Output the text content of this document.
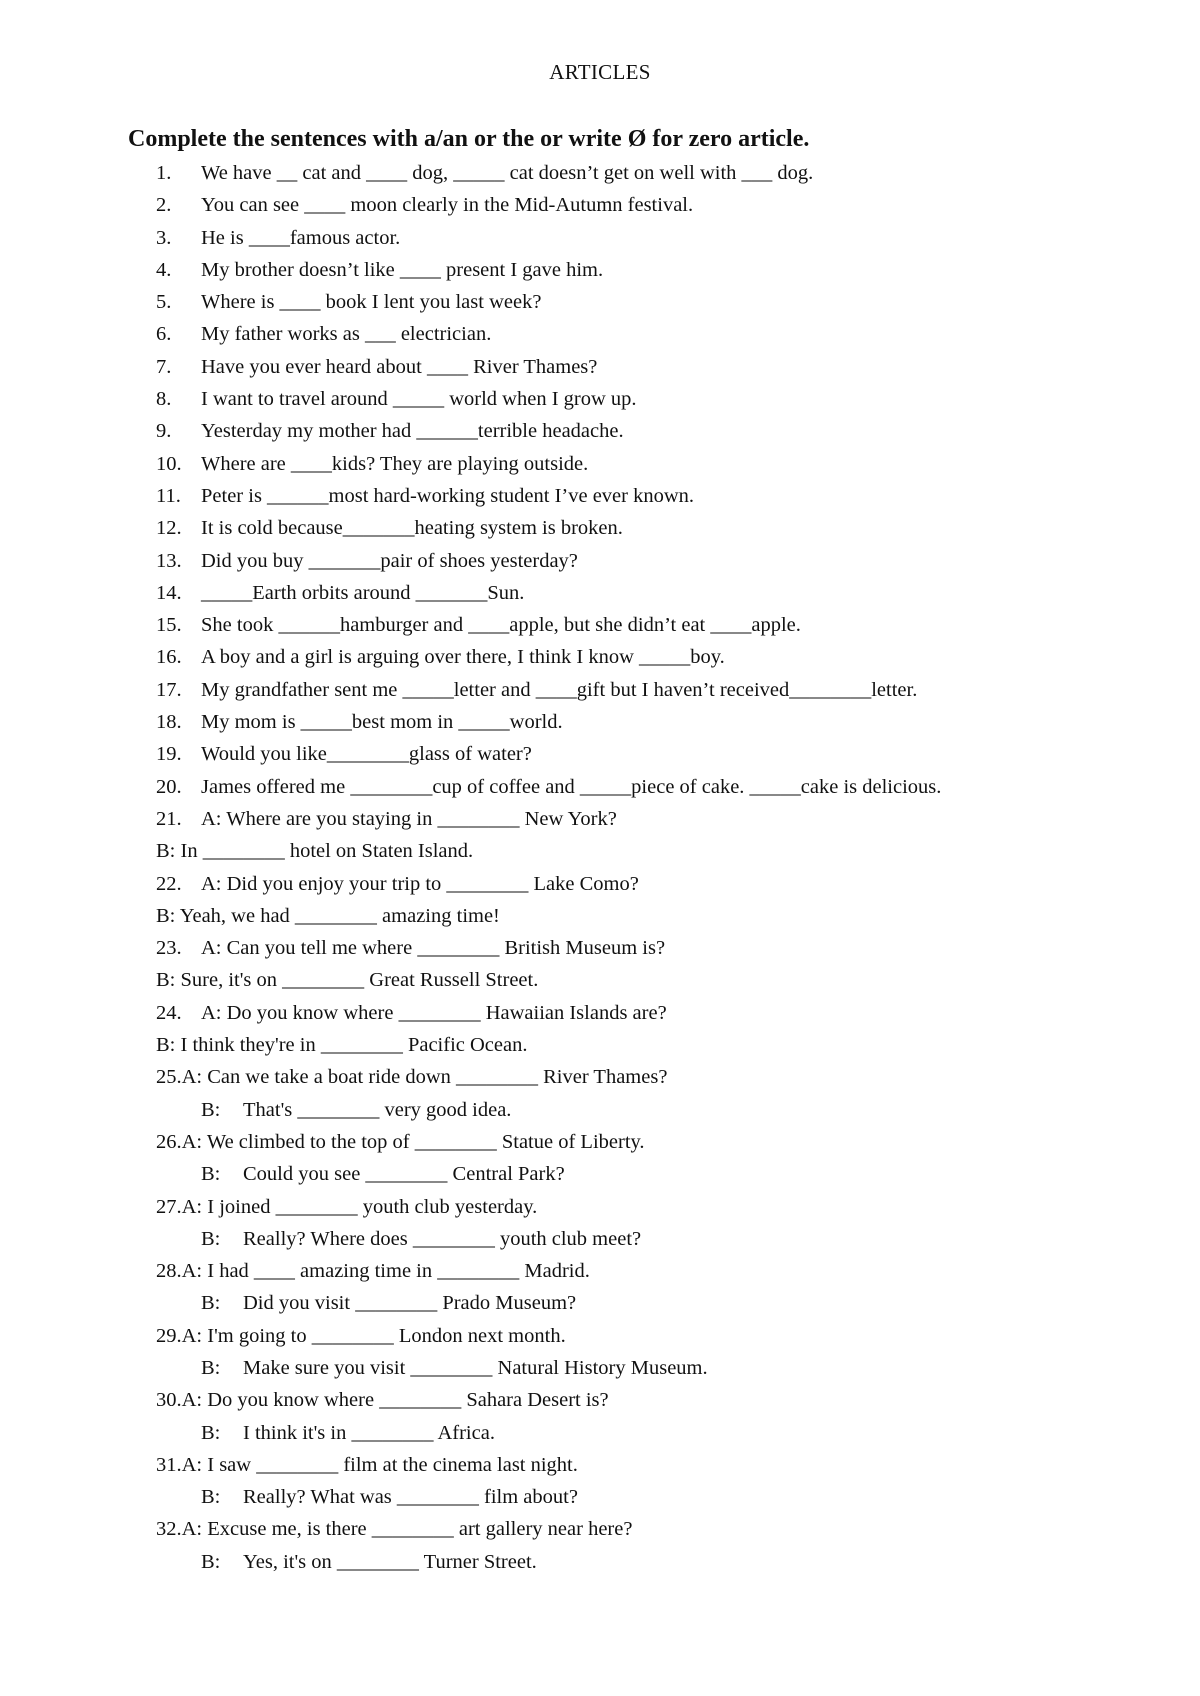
ARTICLES
Complete the sentences with a/an or the or write Ø for zero article.
1. We have __ cat and ____ dog, _____ cat doesn’t get on well with ___ dog.
2. You can see ____ moon clearly in the Mid-Autumn festival.
3. He is ____famous actor.
4. My brother doesn’t like ____ present I gave him.
5. Where is ____ book I lent you last week?
6. My father works as ___ electrician.
7. Have you ever heard about ____ River Thames?
8. I want to travel around _____ world when I grow up.
9. Yesterday my mother had ______terrible headache.
10. Where are ____kids? They are playing outside.
11. Peter is ______most hard-working student I’ve ever known.
12. It is cold because_______heating system is broken.
13. Did you buy _______pair of shoes yesterday?
14. _____Earth orbits around _______Sun.
15. She took ______hamburger and ____apple, but she didn’t eat ____apple.
16. A boy and a girl is arguing over there, I think I know _____boy.
17. My grandfather sent me _____letter and ____gift but I haven’t received________letter.
18. My mom is _____best mom in _____world.
19. Would you like________glass of water?
20. James offered me ________cup of coffee and _____piece of cake. _____cake is delicious.
21. A: Where are you staying in ________ New York?
B: In ________ hotel on Staten Island.
22. A: Did you enjoy your trip to ________ Lake Como?
B: Yeah, we had ________ amazing time!
23. A: Can you tell me where ________ British Museum is?
B: Sure, it's on ________ Great Russell Street.
24. A: Do you know where ________ Hawaiian Islands are?
B: I think they're in ________ Pacific Ocean.
25.A: Can we take a boat ride down ________ River Thames?
B: That's ________ very good idea.
26.A: We climbed to the top of ________ Statue of Liberty.
B: Could you see ________ Central Park?
27.A: I joined ________ youth club yesterday.
B: Really? Where does ________ youth club meet?
28.A: I had ____ amazing time in ________ Madrid.
B: Did you visit ________ Prado Museum?
29.A: I'm going to ________ London next month.
B: Make sure you visit ________ Natural History Museum.
30.A: Do you know where ________ Sahara Desert is?
B: I think it's in ________ Africa.
31.A: I saw ________ film at the cinema last night.
B: Really? What was ________ film about?
32.A: Excuse me, is there ________ art gallery near here?
B: Yes, it's on ________ Turner Street.
